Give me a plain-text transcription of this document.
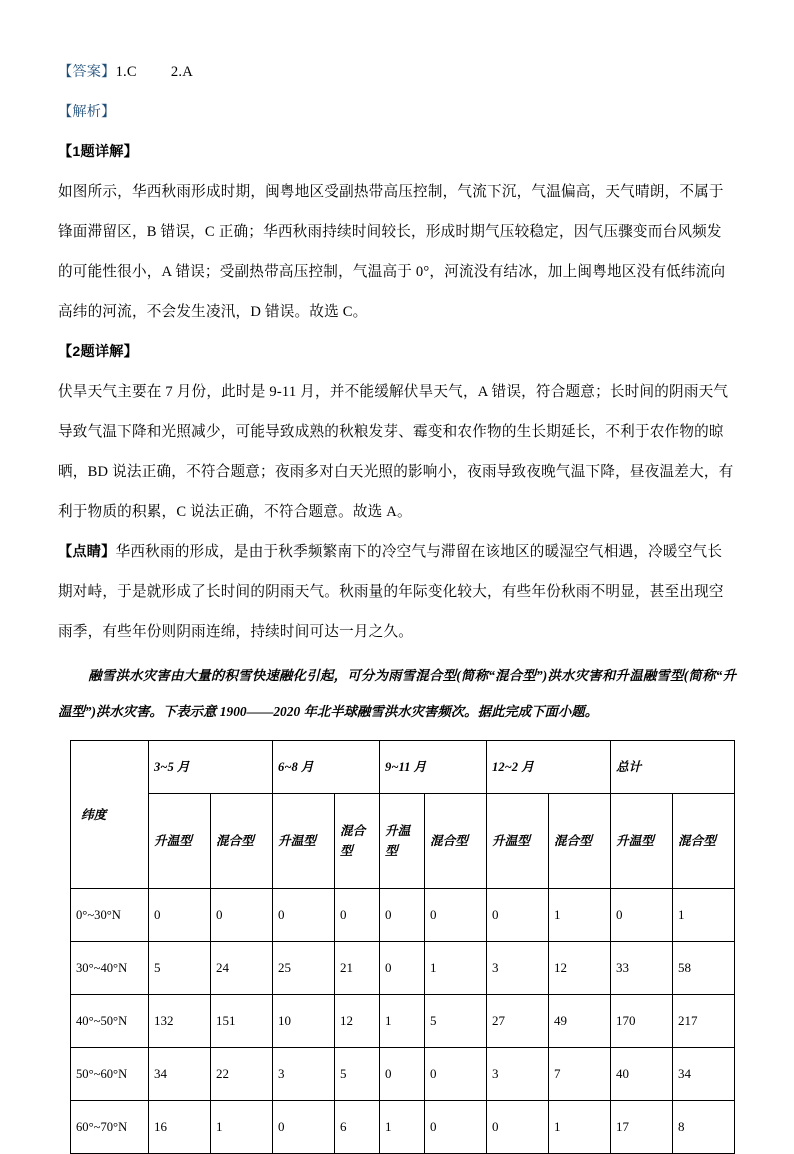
【答案】1.C 2.A
【解析】
【1题详解】
如图所示，华西秋雨形成时期，闽粤地区受副热带高压控制，气流下沉，气温偏高，天气晴朗，不属于锋面滞留区，B 错误，C 正确；华西秋雨持续时间较长，形成时期气压较稳定，因气压骤变而台风频发的可能性很小，A 错误；受副热带高压控制，气温高于 0°，河流没有结冰，加上闽粤地区没有低纬流向高纬的河流，不会发生凌汛，D 错误。故选 C。
【2题详解】
伏旱天气主要在 7 月份，此时是 9-11 月，并不能缓解伏旱天气，A 错误，符合题意；长时间的阴雨天气导致气温下降和光照减少，可能导致成熟的秋粮发芽、霉变和农作物的生长期延长，不利于农作物的晾晒，BD 说法正确，不符合题意；夜雨多对白天光照的影响小，夜雨导致夜晚气温下降，昼夜温差大，有利于物质的积累，C 说法正确，不符合题意。故选 A。
【点睛】华西秋雨的形成，是由于秋季频繁南下的冷空气与滞留在该地区的暖湿空气相遇，冷暖空气长期对峙，于是就形成了长时间的阴雨天气。秋雨量的年际变化较大，有些年份秋雨不明显，甚至出现空雨季，有些年份则阴雨连绵，持续时间可达一月之久。
融雪洪水灾害由大量的积雪快速融化引起，可分为雨雪混合型(简称“混合型”)洪水灾害和升温融雪型(简称“升温型”)洪水灾害。下表示意 1900——2020 年北半球融雪洪水灾害频次。据此完成下面小题。
纬度	3~5 月		6~8 月		9~11 月		12~2 月		总计	
	升温型	混合型	升温型	混合型	升温型	混合型	升温型	混合型	升温型	混合型
0°~30°N	0	0	0	0	0	0	0	1	0	1
30°~40°N	5	24	25	21	0	1	3	12	33	58
40°~50°N	132	151	10	12	1	5	27	49	170	217
50°~60°N	34	22	3	5	0	0	3	7	40	34
60°~70°N	16	1	0	6	1	0	0	1	17	8
